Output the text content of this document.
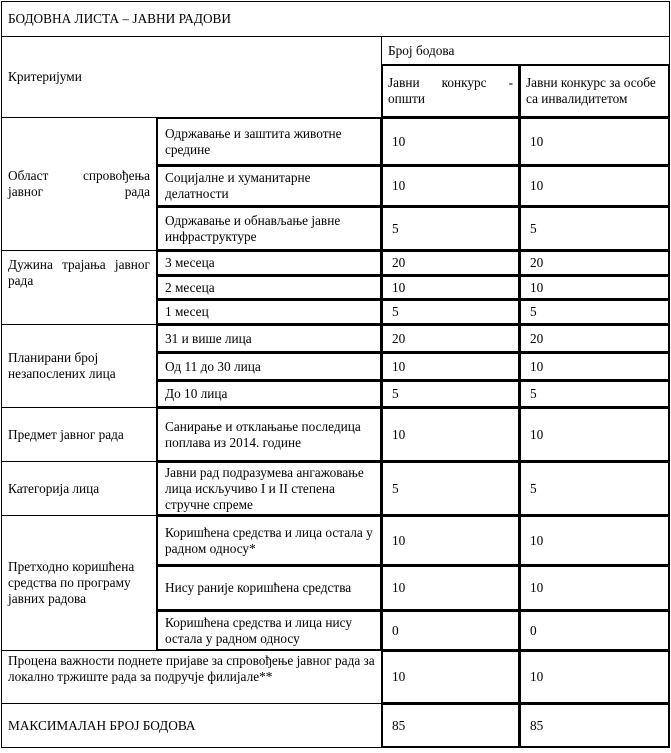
БОДОВНА ЛИСТА – ЈАВНИ РАДОВИ			
Критеријуми		Број бодова	

		Јавни конкурс - општи	Јавни конкурс за особе са инвалидитетом

Област спровођења јавног рада	Одржавање и заштита животне средине	10	10
	Социјалне и хуманитарне делатности	10	10
	Одржавање и обнављање јавне инфраструктуре	5	5

Дужина трајања јавног рада	3 месеца	20	20
	2 месеца	10	10
	1 месец	5	5
Планирани број незапослених лица	31 и више лица	20	20
	Од 11 до 30 лица	10	10
	До 10 лица	5	5
Предмет јавног рада	Санирање и отклањање последица поплава из 2014. године	10	10
Категорија лица	Јавни рад подразумева ангажовање лица искључиво I и II степена стручне спреме	5	5
Претходно коришћена средства по програму јавних радова	Коришћена средства и лица остала у радном односу*	10	10
	Нису раније коришћена средства	10	10
	Коришћена средства и лица нису остала у радном односу	0	0
Процена важности поднете пријаве за спровођење јавног рада за локално тржиште рада за подручје филијале**		10	10
МАКСИМАЛАН БРОЈ БОДОВА		85	85
